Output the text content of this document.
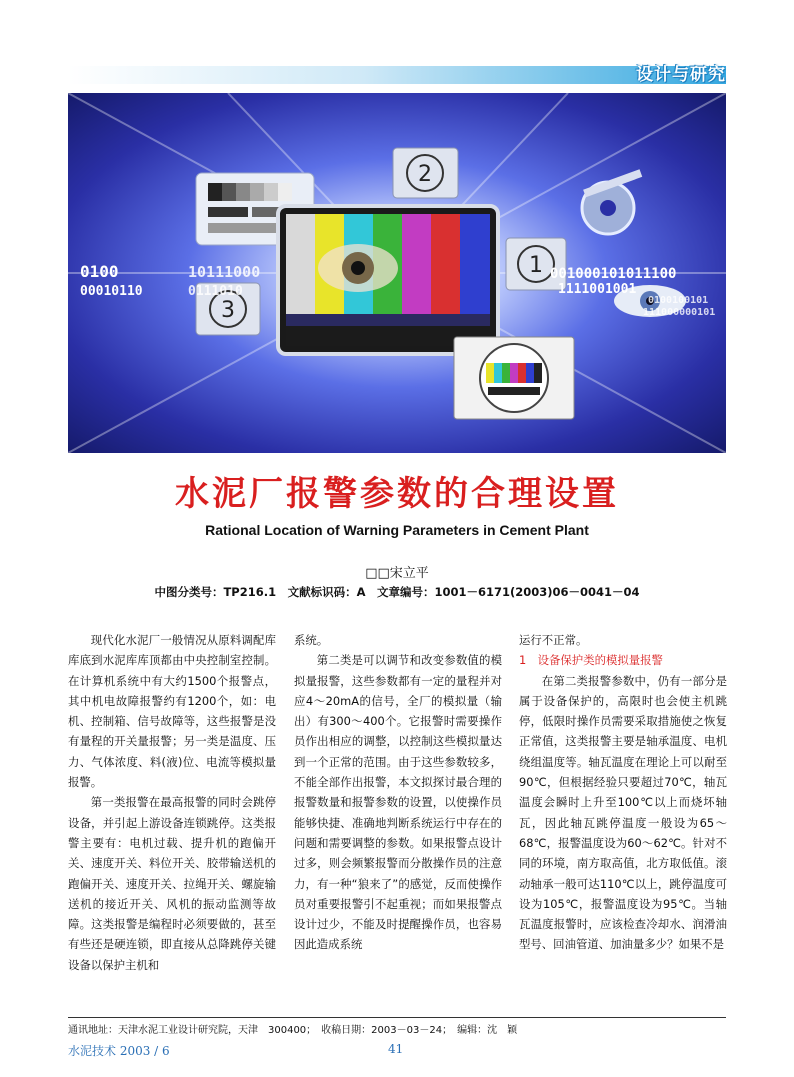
设计与研究
2
1
3
0100
00010110
10111000
0111010
001000101011100
1111001001
0100100101
111000000101
水泥厂报警参数的合理设置
Rational Location of Warning Parameters in Cement Plant
□□宋立平
中图分类号：TP216.1　文献标识码：A　文章编号：1001－6171(2003)06－0041－04

现代化水泥厂一般情况从原料调配库库底到水泥库库顶都由中央控制室控制。在计算机系统中有大约1500个报警点，其中机电故障报警约有1200个，如：电机、控制箱、信号故障等，这些报警是没有量程的开关量报警；另一类是温度、压力、气体浓度、料(液)位、电流等模拟量报警。

第一类报警在最高报警的同时会跳停设备，并引起上游设备连锁跳停。这类报警主要有：电机过载、提升机的跑偏开关、速度开关、料位开关、胶带输送机的跑偏开关、速度开关、拉绳开关、螺旋输送机的接近开关、风机的振动监测等故障。这类报警是编程时必须要做的，甚至有些还是硬连锁，即直接从总降跳停关键设备以保护主机和

系统。

第二类是可以调节和改变参数值的模拟量报警，这些参数都有一定的量程并对应4～20mA的信号，全厂的模拟量（输出）有300～400个。它报警时需要操作员作出相应的调整，以控制这些模拟量达到一个正常的范围。由于这些参数较多，不能全部作出报警，本文拟探讨最合理的报警数量和报警参数的设置，以使操作员能够快捷、准确地判断系统运行中存在的问题和需要调整的参数。如果报警点设计过多，则会频繁报警而分散操作员的注意力，有一种“狼来了”的感觉，反而使操作员对重要报警引不起重视；而如果报警点设计过少，不能及时提醒操作员，也容易因此造成系统

运行不正常。

1　设备保护类的模拟量报警

在第二类报警参数中，仍有一部分是属于设备保护的，高限时也会使主机跳停，低限时操作员需要采取措施使之恢复正常值，这类报警主要是轴承温度、电机绕组温度等。轴瓦温度在理论上可以耐至90℃，但根据经验只要超过70℃，轴瓦温度会瞬时上升至100℃以上而烧坏轴瓦，因此轴瓦跳停温度一般设为65～68℃，报警温度设为60～62℃。针对不同的环境，南方取高值，北方取低值。滚动轴承一般可达110℃以上，跳停温度可设为105℃，报警温度设为95℃。当轴瓦温度报警时，应该检查冷却水、润滑油型号、回油管道、加油量多少？如果不是

通讯地址：天津水泥工业设计研究院，天津　300400；　收稿日期：2003－03－24；　编辑：沈　颖
水泥技术 2003 / 6	41
